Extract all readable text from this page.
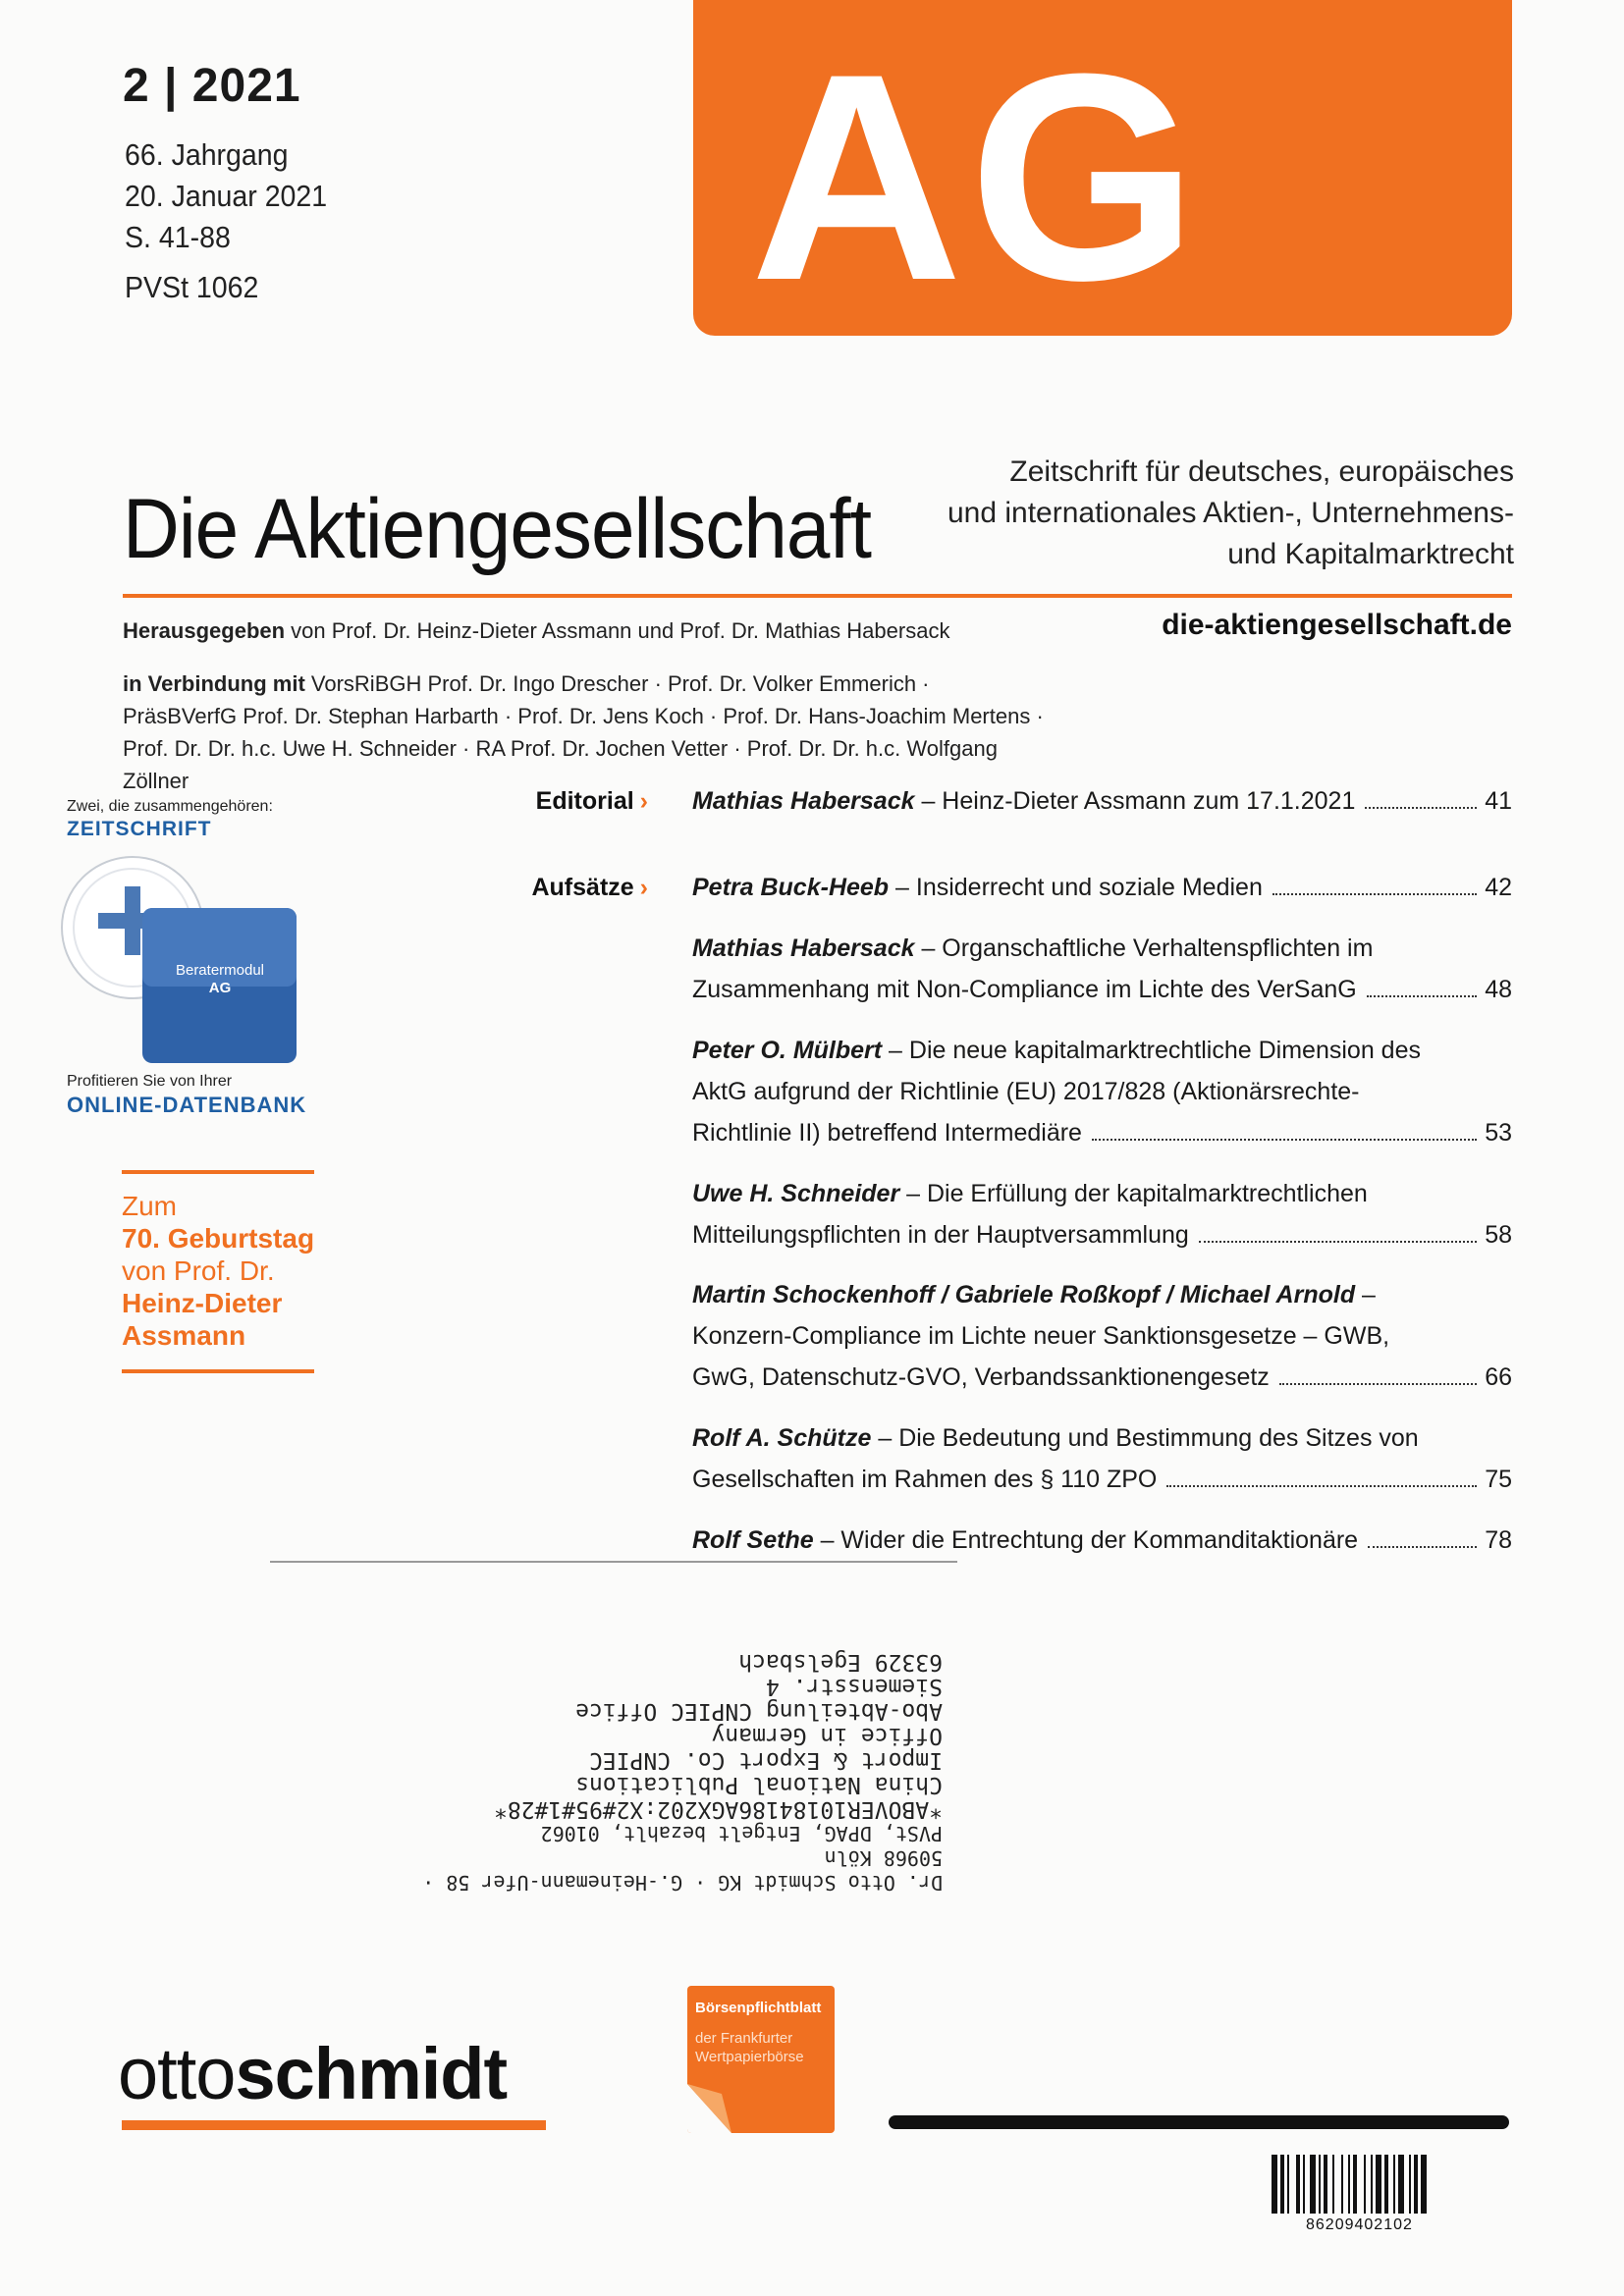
2 | 2021
66. Jahrgang
20. Januar 2021
S. 41-88
PVSt 1062 AG
Die Aktiengesellschaft
Zeitschrift für deutsches, europäisches
und internationales Aktien-, Unternehmens-
und Kapitalmarktrecht
Herausgegeben von Prof. Dr. Heinz-Dieter Assmann und Prof. Dr. Mathias Habersack	die-aktiengesellschaft.de
in Verbindung mit VorsRiBGH Prof. Dr. Ingo Drescher · Prof. Dr. Volker Emmerich ·
PräsBVerfG Prof. Dr. Stephan Harbarth · Prof. Dr. Jens Koch · Prof. Dr. Hans-Joachim Mertens ·
Prof. Dr. Dr. h.c. Uwe H. Schneider · RA Prof. Dr. Jochen Vetter · Prof. Dr. Dr. h.c. Wolfgang Zöllner
Zwei, die zusammengehören:
ZEITSCHRIFT
Beratermodul
AG
Profitieren Sie von Ihrer
ONLINE-DATENBANK
Zum
70. Geburtstag
von Prof. Dr.
Heinz-Dieter
Assmann
Editorial ›
Aufsätze ›
Mathias Habersack – Heinz-Dieter Assmann zum 17.1.2021	41
Petra Buck-Heeb – Insiderrecht und soziale Medien	42
Mathias Habersack – Organschaftliche Verhaltenspflichten im
Zusammenhang mit Non-Compliance im Lichte des VerSanG	48
Peter O. Mülbert – Die neue kapitalmarktrechtliche Dimension des
AktG aufgrund der Richtlinie (EU) 2017/828 (Aktionärsrechte-
Richtlinie II) betreffend Intermediäre	53
Uwe H. Schneider – Die Erfüllung der kapitalmarktrechtlichen
Mitteilungspflichten in der Hauptversammlung	58
Martin Schockenhoff / Gabriele Roßkopf / Michael Arnold –
Konzern-Compliance im Lichte neuer Sanktionsgesetze – GWB,
GwG, Datenschutz-GVO, Verbandssanktionengesetz	66
Rolf A. Schütze – Die Bedeutung und Bestimmung des Sitzes von
Gesellschaften im Rahmen des § 110 ZPO	75
Rolf Sethe – Wider die Entrechtung der Kommanditaktionäre	78
Dr. Otto Schmidt KG · G.-Heinemann-Ufer 58 · 50968 Köln
PVSt, DPAG, Entgelt bezahlt, 01062
*ABOVER10184186AGX202:X2#95#1#28*
China National Publications
Import & Export Co. CNPIEC
Office in Germany
Abo-Abteilung CNPIEC Office
Siemensstr. 4
63329 Egelsbach
ottoschmidt
Börsenpflichtblatt
der Frankfurter
Wertpapierbörse
86209402102
